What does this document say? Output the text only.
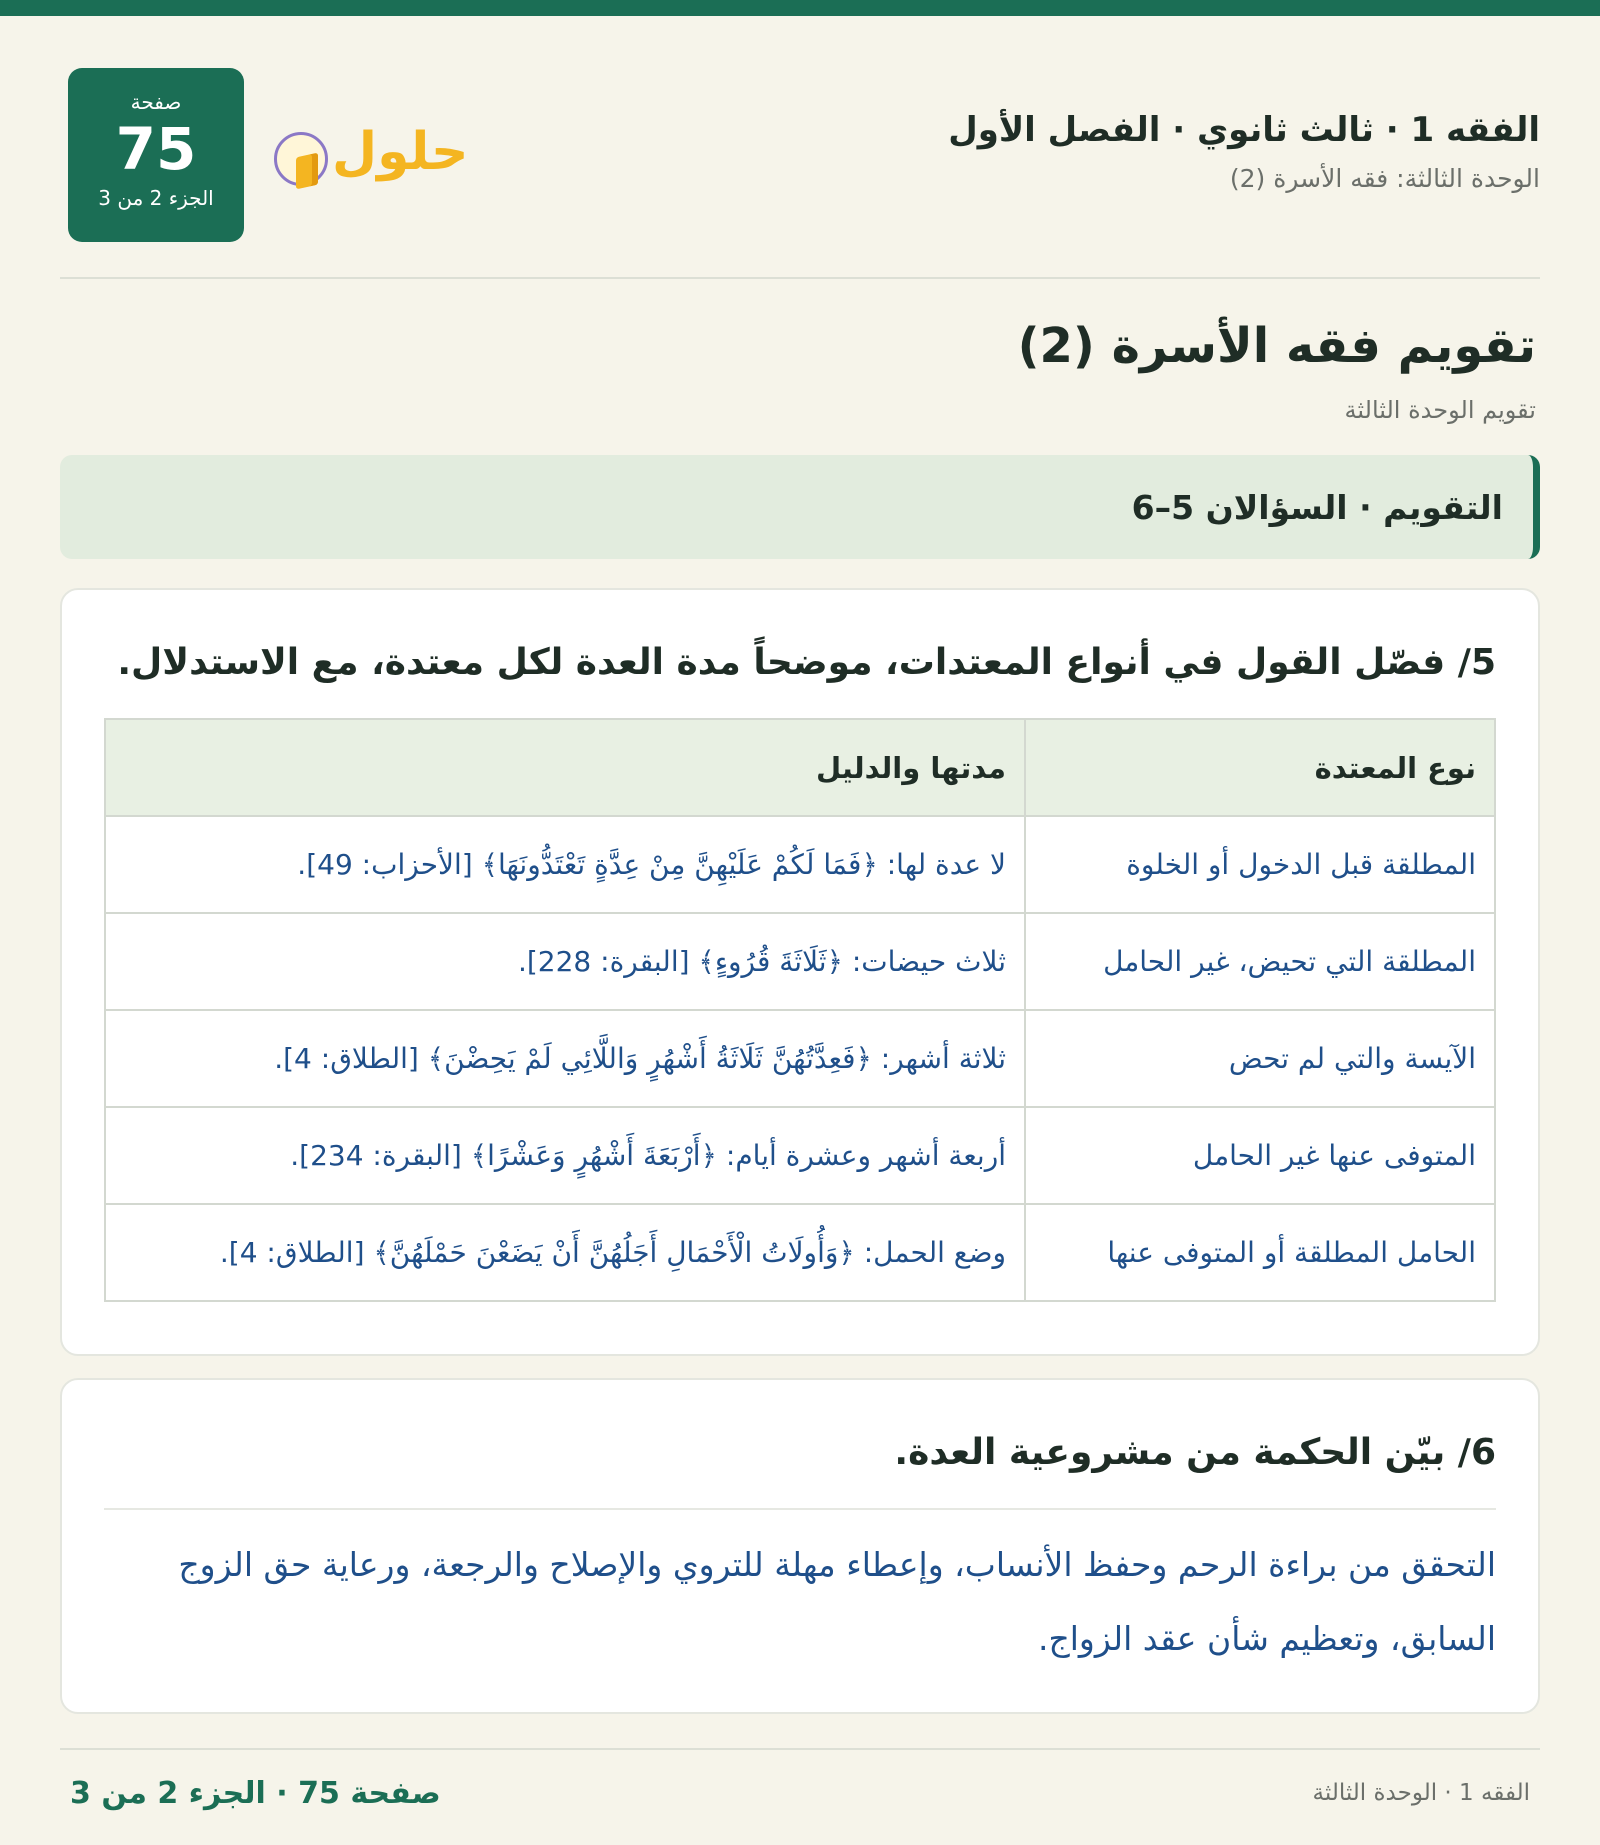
الفقه 1 · ثالث ثانوي · الفصل الأول
الوحدة الثالثة: فقه الأسرة (2)
حلول
صفحة
75
الجزء 2 من 3
تقويم فقه الأسرة (2)
تقويم الوحدة الثالثة
التقويم · السؤالان 5–6
5/ فصّل القول في أنواع المعتدات، موضحاً مدة العدة لكل معتدة، مع الاستدلال.
نوع المعتدة	مدتها والدليل
المطلقة قبل الدخول أو الخلوة	لا عدة لها: ﴿فَمَا لَكُمْ عَلَيْهِنَّ مِنْ عِدَّةٍ تَعْتَدُّونَهَا﴾ [الأحزاب: 49].
المطلقة التي تحيض، غير الحامل	ثلاث حيضات: ﴿ثَلَاثَةَ قُرُوءٍ﴾ [البقرة: 228].
الآيسة والتي لم تحض	ثلاثة أشهر: ﴿فَعِدَّتُهُنَّ ثَلَاثَةُ أَشْهُرٍ وَاللَّائِي لَمْ يَحِضْنَ﴾ [الطلاق: 4].
المتوفى عنها غير الحامل	أربعة أشهر وعشرة أيام: ﴿أَرْبَعَةَ أَشْهُرٍ وَعَشْرًا﴾ [البقرة: 234].
الحامل المطلقة أو المتوفى عنها	وضع الحمل: ﴿وَأُولَاتُ الْأَحْمَالِ أَجَلُهُنَّ أَنْ يَضَعْنَ حَمْلَهُنَّ﴾ [الطلاق: 4].
6/ بيّن الحكمة من مشروعية العدة.
التحقق من براءة الرحم وحفظ الأنساب، وإعطاء مهلة للتروي والإصلاح والرجعة، ورعاية حق الزوج السابق، وتعظيم شأن عقد الزواج.
صفحة 75 · الجزء 2 من 3	الفقه 1 · الوحدة الثالثة
